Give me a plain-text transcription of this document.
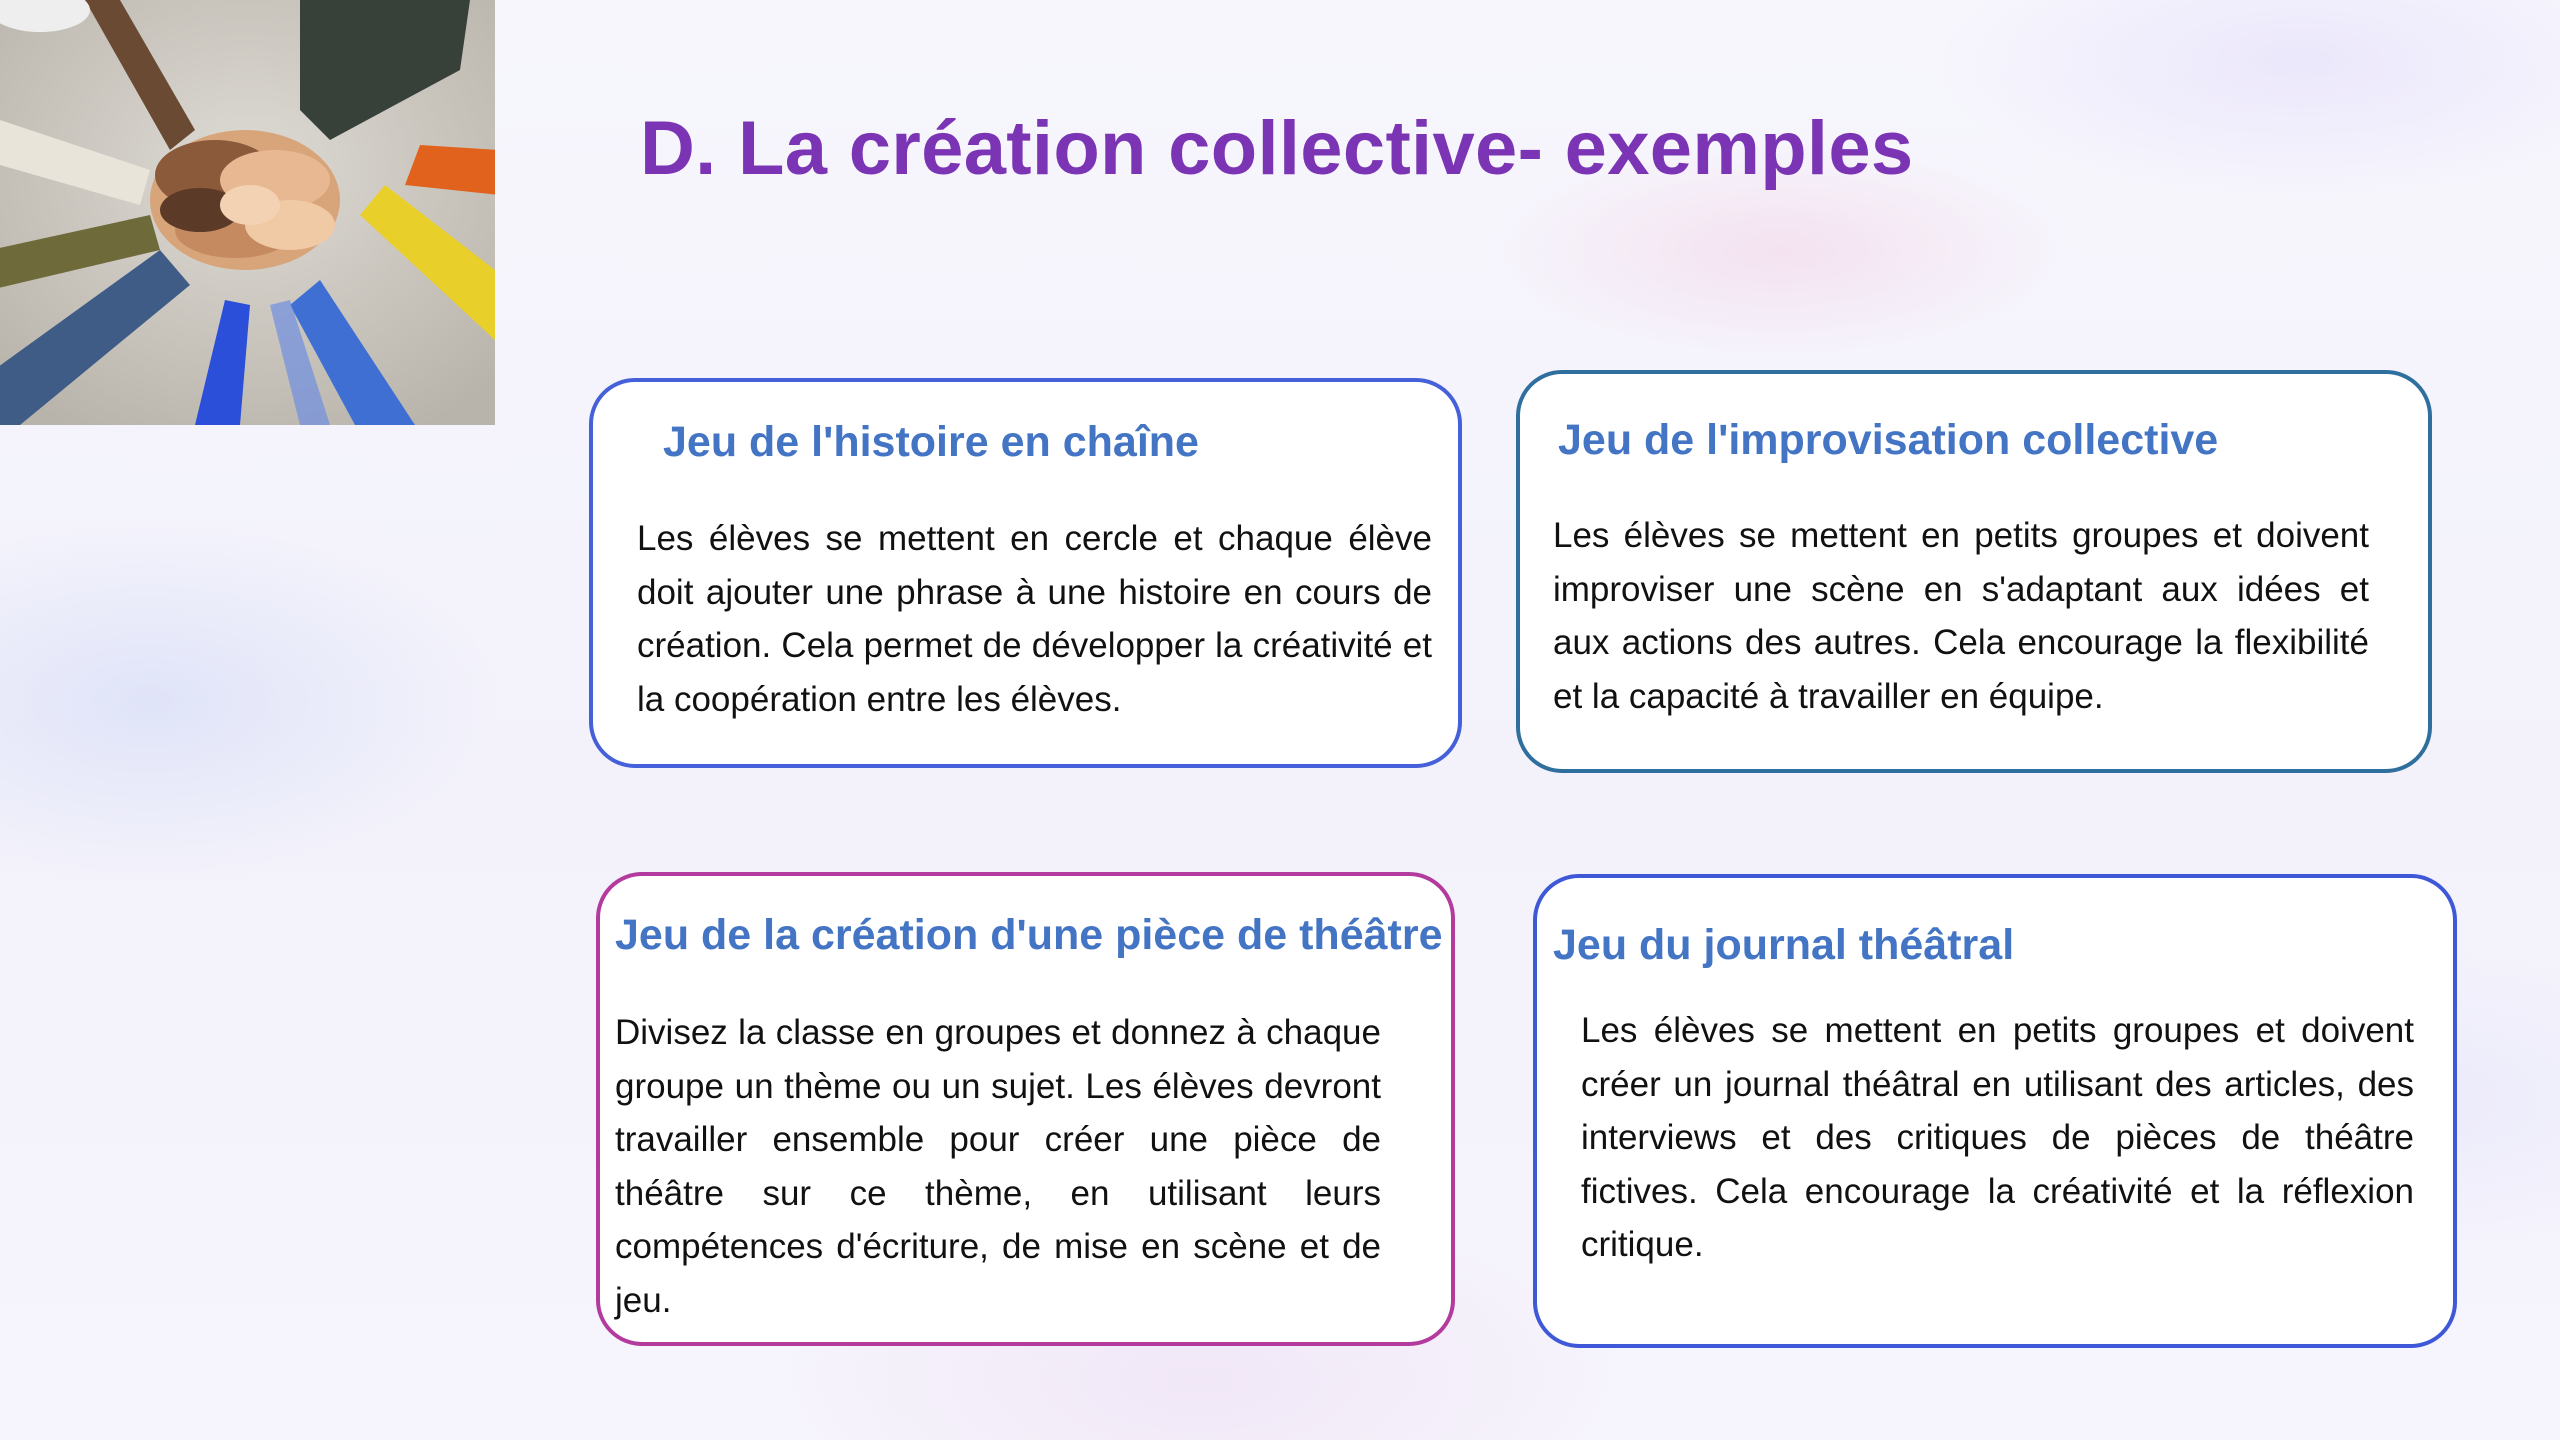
D. La création collective- exemples
Jeu de l'histoire en chaîne
Les élèves se mettent en cercle et chaque élève doit ajouter une phrase à une histoire en cours de création. Cela permet de développer la créativité et la coopération entre les élèves.
Jeu de l'improvisation collective
Les élèves se mettent en petits groupes et doivent improviser une scène en s'adaptant aux idées et aux actions des autres. Cela encourage la flexibilité et la capacité à travailler en équipe.
Jeu de la création d'une pièce de théâtre
Divisez la classe en groupes et donnez à chaque groupe un thème ou un sujet. Les élèves devront travailler ensemble pour créer une pièce de théâtre sur ce thème, en utilisant leurs compétences d'écriture, de mise en scène et de jeu.
Jeu du journal théâtral
Les élèves se mettent en petits groupes et doivent créer un journal théâtral en utilisant des articles, des interviews et des critiques de pièces de théâtre fictives. Cela encourage la créativité et la réflexion critique.
